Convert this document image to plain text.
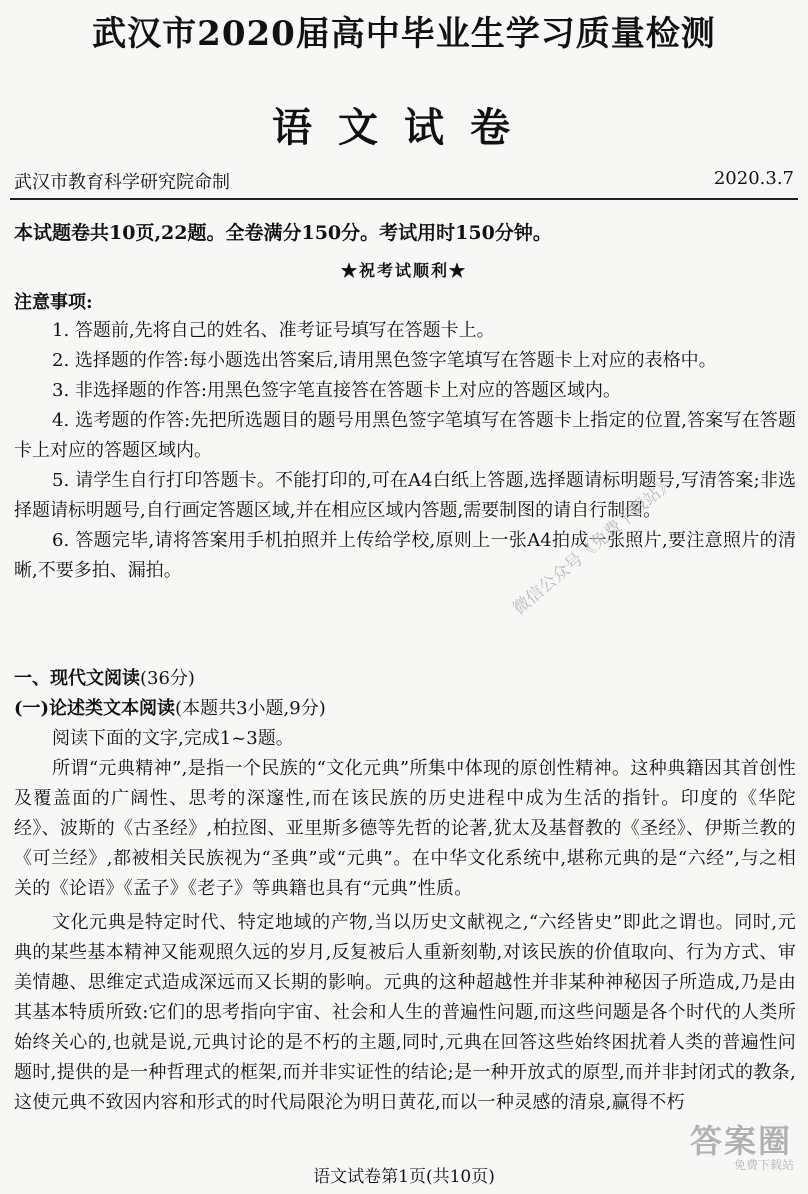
武汉市2020届高中毕业生学习质量检测
语文试卷
武汉市教育科学研究院命制	2020.3.7
本试题卷共10页,22题。全卷满分150分。考试用时150分钟。
★祝考试顺利★
注意事项:

1. 答题前,先将自己的姓名、准考证号填写在答题卡上。

2. 选择题的作答:每小题选出答案后,请用黑色签字笔填写在答题卡上对应的表格中。

3. 非选择题的作答:用黑色签字笔直接答在答题卡上对应的答题区域内。

4. 选考题的作答:先把所选题目的题号用黑色签字笔填写在答题卡上指定的位置,答案写在答题卡上对应的答题区域内。

5. 请学生自行打印答题卡。不能打印的,可在A4白纸上答题,选择题请标明题号,写清答案;非选择题请标明题号,自行画定答题区域,并在相应区域内答题,需要制图的请自行制图。

6. 答题完毕,请将答案用手机拍照并上传给学校,原则上一张A4拍成一张照片,要注意照片的清晰,不要多拍、漏拍。

一、现代文阅读(36分)
(一)论述类文本阅读(本题共3小题,9分)
阅读下面的文字,完成1~3题。

所谓“元典精神”,是指一个民族的“文化元典”所集中体现的原创性精神。这种典籍因其首创性及覆盖面的广阔性、思考的深邃性,而在该民族的历史进程中成为生活的指针。印度的《华陀经》、波斯的《古圣经》,柏拉图、亚里斯多德等先哲的论著,犹太及基督教的《圣经》、伊斯兰教的《可兰经》,都被相关民族视为“圣典”或“元典”。在中华文化系统中,堪称元典的是“六经”,与之相关的《论语》《孟子》《老子》等典籍也具有“元典”性质。

文化元典是特定时代、特定地域的产物,当以历史文献视之,“六经皆史”即此之谓也。同时,元典的某些基本精神又能观照久远的岁月,反复被后人重新刻勒,对该民族的价值取向、行为方式、审美情趣、思维定式造成深远而又长期的影响。元典的这种超越性并非某种神秘因子所造成,乃是由其基本特质所致:它们的思考指向宇宙、社会和人生的普遍性问题,而这些问题是各个时代的人类所始终关心的,也就是说,元典讨论的是不朽的主题,同时,元典在回答这些始终困扰着人类的普遍性问题时,提供的是一种哲理式的框架,而并非实证性的结论;是一种开放式的原型,而并非封闭式的教条,这使元典不致因内容和形式的时代局限沦为明日黄花,而以一种灵感的清泉,赢得不朽

语文试卷第1页(共10页)
微信公众号《免费下载站》
答案圈
免费下载站
